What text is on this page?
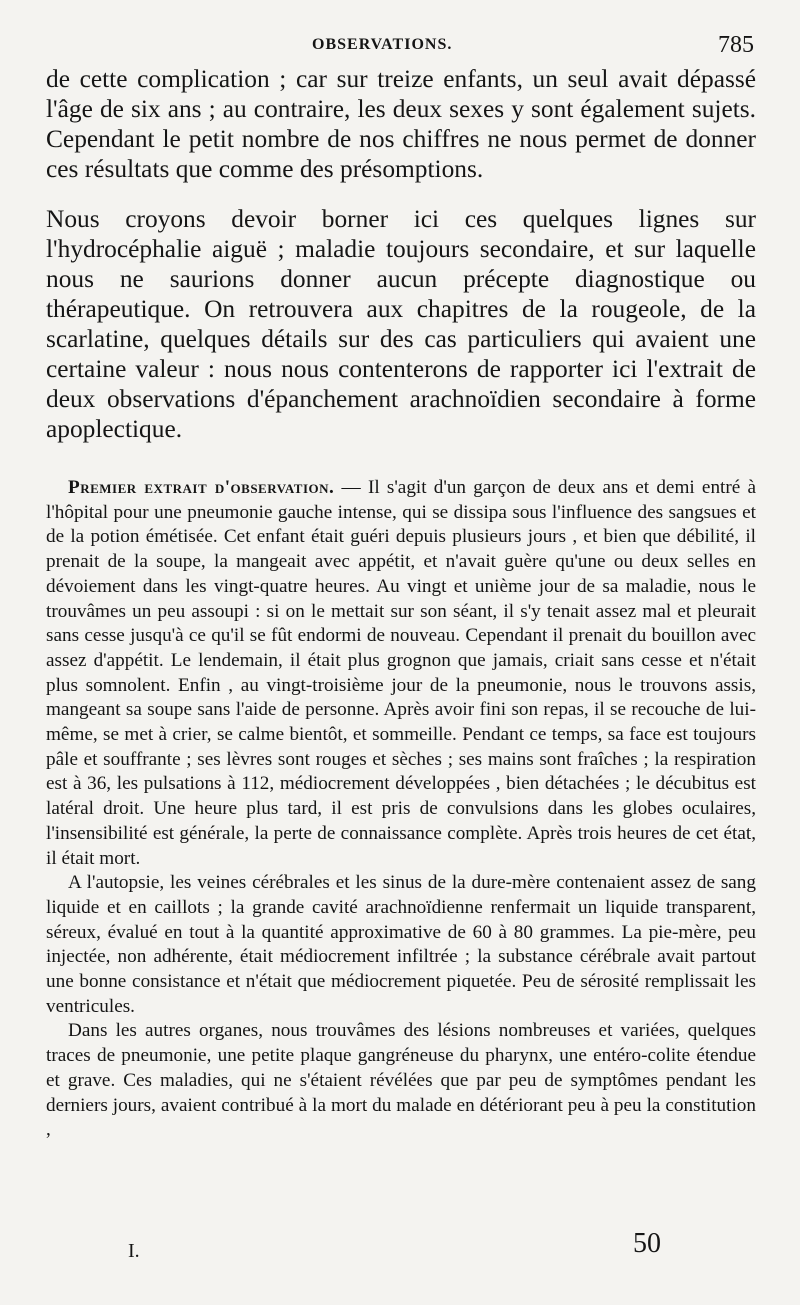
OBSERVATIONS.	785

de cette complication ; car sur treize enfants, un seul avait dépassé l'âge de six ans ; au contraire, les deux sexes y sont également sujets. Cependant le petit nombre de nos chiffres ne nous permet de donner ces résultats que comme des présomptions.

Nous croyons devoir borner ici ces quelques lignes sur l'hydrocéphalie aiguë ; maladie toujours secondaire, et sur laquelle nous ne saurions donner aucun précepte diagnostique ou thérapeutique. On retrouvera aux chapitres de la rougeole, de la scarlatine, quelques détails sur des cas particuliers qui avaient une certaine valeur : nous nous contenterons de rapporter ici l'extrait de deux observations d'épanchement arachnoïdien secondaire à forme apoplectique.

Premier extrait d'observation. — Il s'agit d'un garçon de deux ans et demi entré à l'hôpital pour une pneumonie gauche intense, qui se dissipa sous l'influence des sangsues et de la potion émétisée. Cet enfant était guéri depuis plusieurs jours , et bien que débilité, il prenait de la soupe, la mangeait avec appétit, et n'avait guère qu'une ou deux selles en dévoiement dans les vingt-quatre heures. Au vingt et unième jour de sa maladie, nous le trouvâmes un peu assoupi : si on le mettait sur son séant, il s'y tenait assez mal et pleurait sans cesse jusqu'à ce qu'il se fût endormi de nouveau. Cependant il prenait du bouillon avec assez d'appétit. Le lendemain, il était plus grognon que jamais, criait sans cesse et n'était plus somnolent. Enfin , au vingt-troisième jour de la pneumonie, nous le trouvons assis, mangeant sa soupe sans l'aide de personne. Après avoir fini son repas, il se recouche de lui-même, se met à crier, se calme bientôt, et sommeille. Pendant ce temps, sa face est toujours pâle et souffrante ; ses lèvres sont rouges et sèches ; ses mains sont fraîches ; la respiration est à 36, les pulsations à 112, médiocrement développées , bien détachées ; le décubitus est latéral droit. Une heure plus tard, il est pris de convulsions dans les globes oculaires, l'insensibilité est générale, la perte de connaissance complète. Après trois heures de cet état, il était mort.

A l'autopsie, les veines cérébrales et les sinus de la dure-mère contenaient assez de sang liquide et en caillots ; la grande cavité arachnoïdienne renfermait un liquide transparent, séreux, évalué en tout à la quantité approximative de 60 à 80 grammes. La pie-mère, peu injectée, non adhérente, était médiocrement infiltrée ; la substance cérébrale avait partout une bonne consistance et n'était que médiocrement piquetée. Peu de sérosité remplissait les ventricules.

Dans les autres organes, nous trouvâmes des lésions nombreuses et variées, quelques traces de pneumonie, une petite plaque gangréneuse du pharynx, une entéro-colite étendue et grave. Ces maladies, qui ne s'étaient révélées que par peu de symptômes pendant les derniers jours, avaient contribué à la mort du malade en détériorant peu à peu la constitution ,

I.	50
